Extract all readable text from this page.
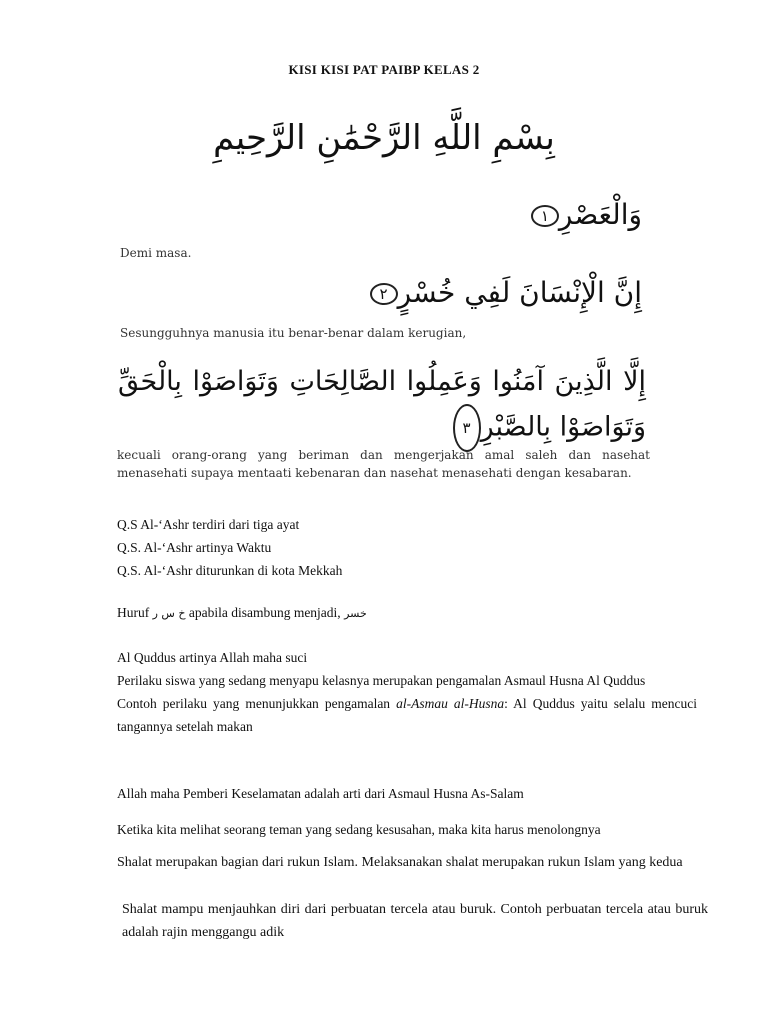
KISI KISI PAT PAIBP KELAS 2
بِسْمِ اللَّهِ الرَّحْمَٰنِ الرَّحِيمِ
وَالْعَصْرِ١
Demi masa.
إِنَّ الْإِنْسَانَ لَفِي خُسْرٍ٢
Sesungguhnya manusia itu benar-benar dalam kerugian,
إِلَّا الَّذِينَ آمَنُوا وَعَمِلُوا الصَّالِحَاتِ وَتَوَاصَوْا بِالْحَقِّ وَتَوَاصَوْا بِالصَّبْرِ٣
kecuali orang-orang yang beriman dan mengerjakan amal saleh dan nasehat menasehati supaya mentaati kebenaran dan nasehat menasehati dengan kesabaran.
Q.S Al-‘Ashr terdiri dari tiga ayat
Q.S. Al-‘Ashr artinya Waktu
Q.S. Al-‘Ashr diturunkan di kota Mekkah
Huruf خ س ر apabila disambung menjadi, خسر
Al Quddus artinya Allah maha suci
Perilaku siswa yang sedang menyapu kelasnya merupakan pengamalan Asmaul Husna Al Quddus
Contoh perilaku yang menunjukkan pengamalan al-Asmau al-Husna: Al Quddus yaitu selalu mencuci tangannya setelah makan
Allah maha Pemberi Keselamatan adalah arti dari Asmaul Husna As-Salam
Ketika kita melihat seorang teman yang sedang kesusahan, maka kita harus menolongnya
Shalat merupakan bagian dari rukun Islam. Melaksanakan shalat merupakan rukun Islam yang kedua
Shalat mampu menjauhkan diri dari perbuatan tercela atau buruk. Contoh perbuatan tercela atau buruk adalah rajin menggangu adik
